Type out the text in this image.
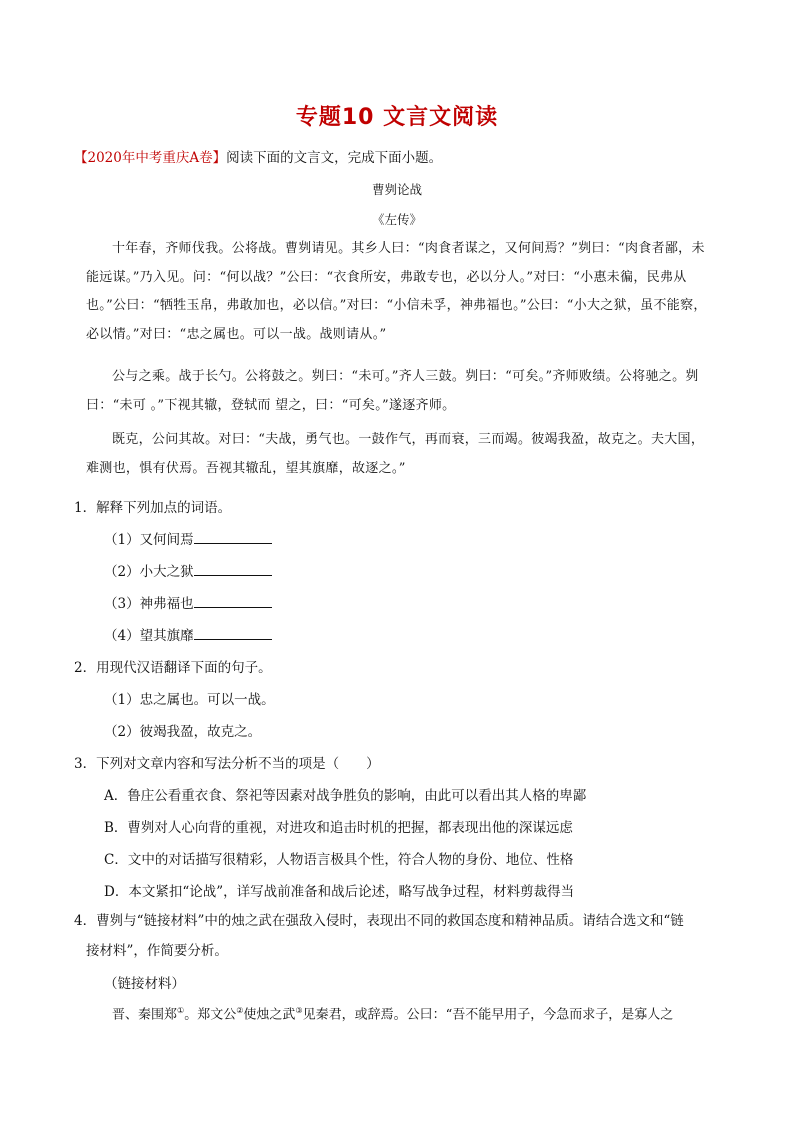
专题10 文言文阅读
【2020年中考重庆A卷】阅读下面的文言文，完成下面小题。
曹刿论战
《左传》
十年春，齐师伐我。公将战。曹刿请见。其乡人曰：“肉食者谋之，又何间焉？”刿曰：“肉食者鄙，未能远谋。”乃入见。问：“何以战？”公曰：“衣食所安，弗敢专也，必以分人。”对曰：“小惠未徧，民弗从也。”公曰：“牺牲玉帛，弗敢加也，必以信。”对曰：“小信未孚，神弗福也。”公曰：“小大之狱，虽不能察，必以情。”对曰：“忠之属也。可以一战。战则请从。”
公与之乘。战于长勺。公将鼓之。刿曰：“未可。”齐人三鼓。刿曰：“可矣。”齐师败绩。公将驰之。刿曰：“未可 。”下视其辙，登轼而 望之，曰：“可矣。”遂逐齐师。
既克，公问其故。对曰：“夫战，勇气也。一鼓作气，再而衰，三而竭。彼竭我盈，故克之。夫大国，难测也，惧有伏焉。吾视其辙乱，望其旗靡，故逐之。”
1．解释下列加点的词语。
（1）又何间焉
（2）小大之狱
（3）神弗福也
（4）望其旗靡
2．用现代汉语翻译下面的句子。
（1）忠之属也。可以一战。
（2）彼竭我盈，故克之。
3．下列对文章内容和写法分析不当的项是（　　）
A．鲁庄公看重衣食、祭祀等因素对战争胜负的影响，由此可以看出其人格的卑鄙
B．曹刿对人心向背的重视，对进攻和追击时机的把握，都表现出他的深谋远虑
C．文中的对话描写很精彩，人物语言极具个性，符合人物的身份、地位、性格
D．本文紧扣“论战”，详写战前准备和战后论述，略写战争过程，材料剪裁得当
4．曹刿与“链接材料”中的烛之武在强敌入侵时，表现出不同的救国态度和精神品质。请结合选文和“链
接材料”，作简要分析。
（链接材料）
晋、秦围郑①。郑文公②使烛之武③见秦君，或辞焉。公曰：“吾不能早用子，今急而求子，是寡人之
